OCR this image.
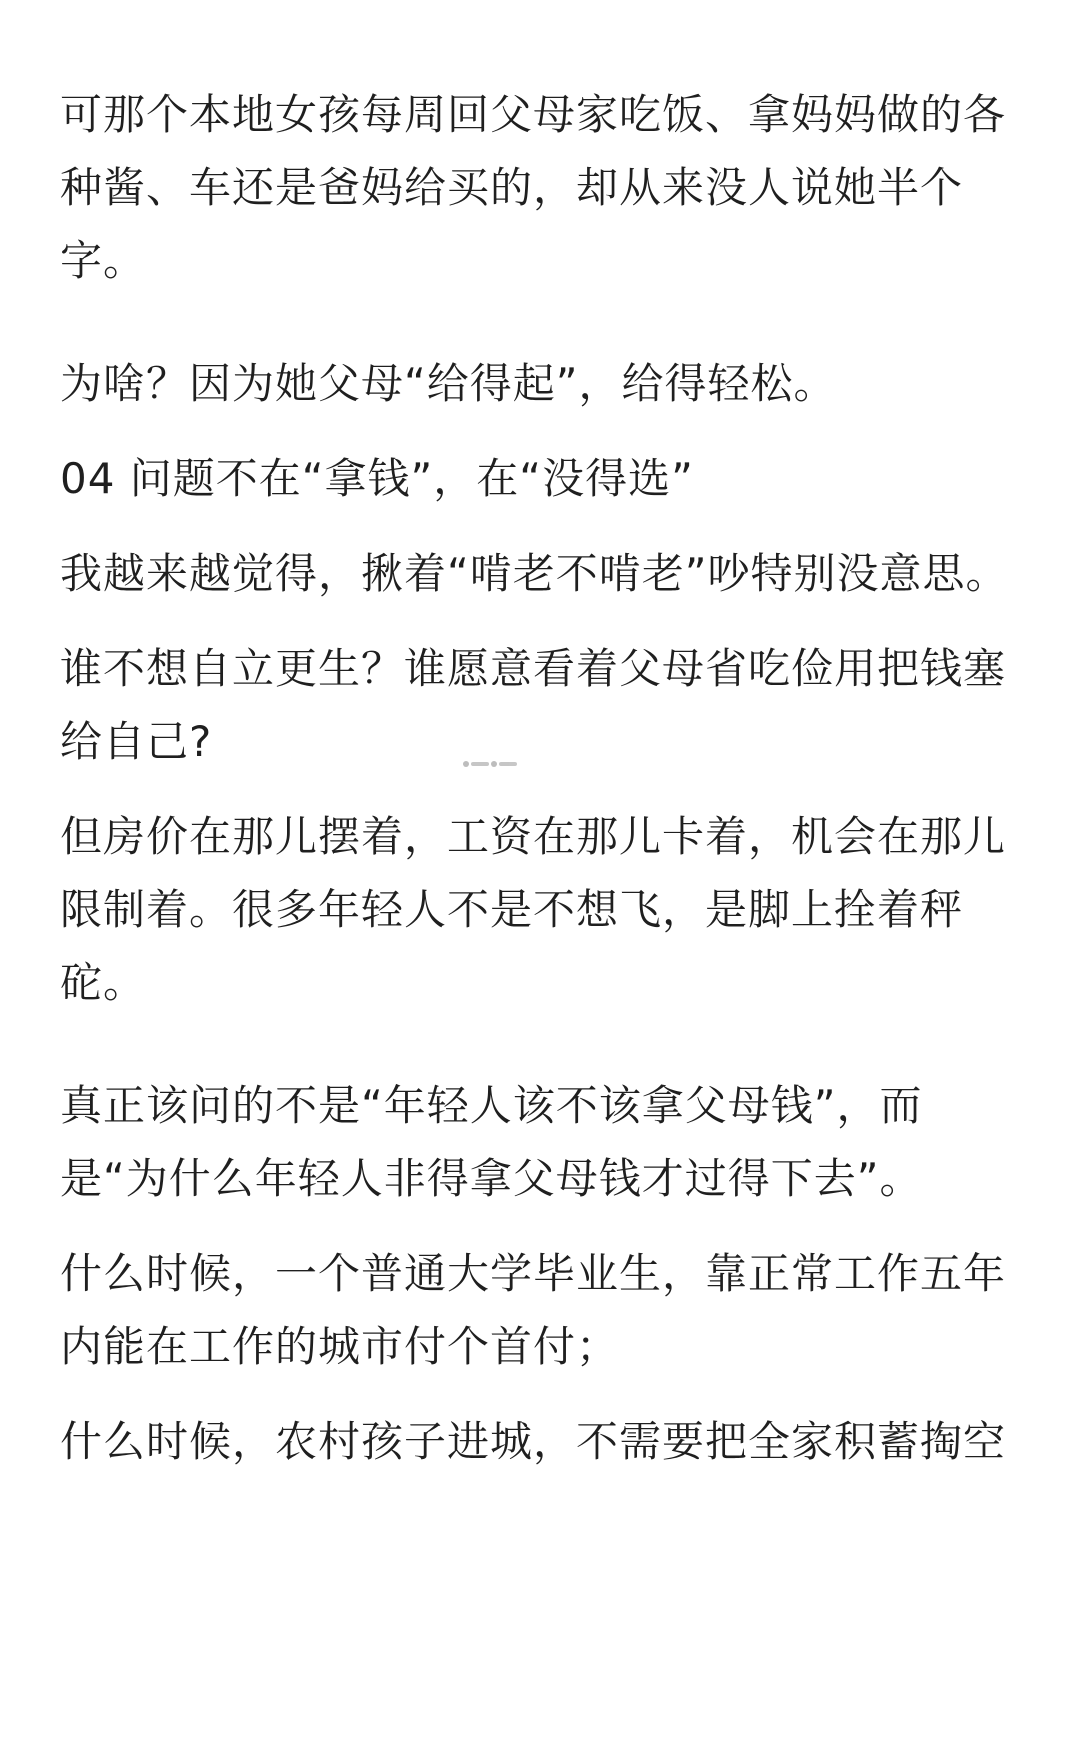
可那个本地女孩每周回父母家吃饭、拿妈妈做的各种酱、车还是爸妈给买的，却从来没人说她半个字。

为啥？因为她父母“给得起”，给得轻松。

04 问题不在“拿钱”，在“没得选”

我越来越觉得，揪着“啃老不啃老”吵特别没意思。

谁不想自立更生？谁愿意看着父母省吃俭用把钱塞给自己?

但房价在那儿摆着，工资在那儿卡着，机会在那儿限制着。很多年轻人不是不想飞，是脚上拴着秤砣。

真正该问的不是“年轻人该不该拿父母钱”，而是“为什么年轻人非得拿父母钱才过得下去”。

什么时候，一个普通大学毕业生，靠正常工作五年内能在工作的城市付个首付；

什么时候，农村孩子进城，不需要把全家积蓄掏空
